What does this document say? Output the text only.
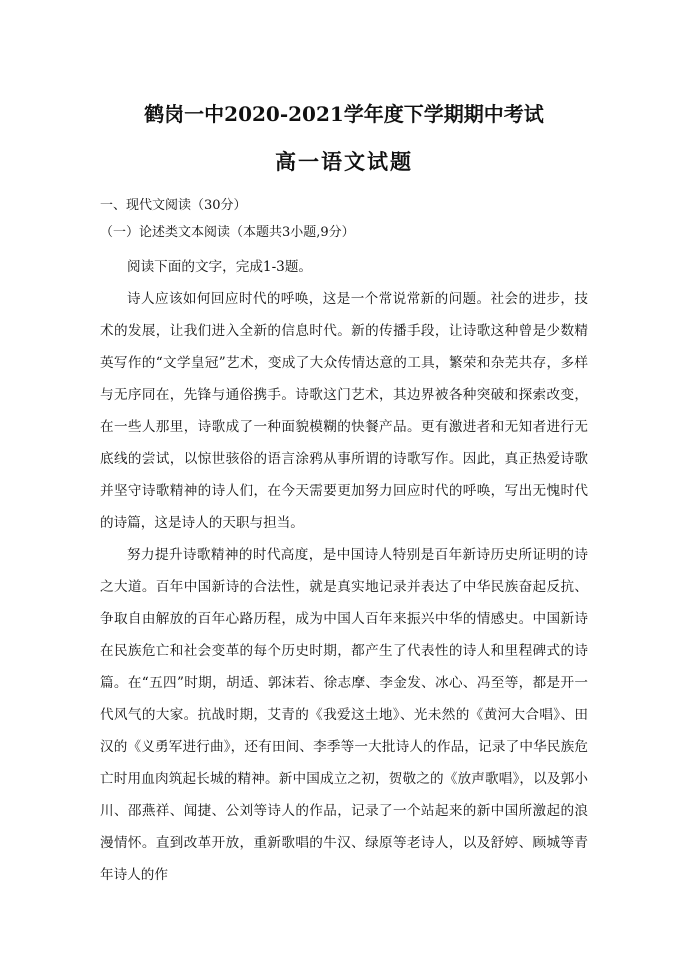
鹤岗一中2020-2021学年度下学期期中考试
高一语文试题

一、现代文阅读（30分）

（一）论述类文本阅读（本题共3小题,9分）

阅读下面的文字，完成1-3题。

诗人应该如何回应时代的呼唤，这是一个常说常新的问题。社会的进步，技术的发展，让我们进入全新的信息时代。新的传播手段，让诗歌这种曾是少数精英写作的“文学皇冠”艺术，变成了大众传情达意的工具，繁荣和杂芜共存，多样与无序同在，先锋与通俗携手。诗歌这门艺术，其边界被各种突破和探索改变，在一些人那里，诗歌成了一种面貌模糊的快餐产品。更有激进者和无知者进行无底线的尝试，以惊世骇俗的语言涂鸦从事所谓的诗歌写作。因此，真正热爱诗歌并坚守诗歌精神的诗人们，在今天需要更加努力回应时代的呼唤，写出无愧时代的诗篇，这是诗人的天职与担当。

努力提升诗歌精神的时代高度，是中国诗人特别是百年新诗历史所证明的诗之大道。百年中国新诗的合法性，就是真实地记录并表达了中华民族奋起反抗、争取自由解放的百年心路历程，成为中国人百年来振兴中华的情感史。中国新诗在民族危亡和社会变革的每个历史时期，都产生了代表性的诗人和里程碑式的诗篇。在“五四”时期，胡适、郭沫若、徐志摩、李金发、冰心、冯至等，都是开一代风气的大家。抗战时期，艾青的《我爱这土地》、光未然的《黄河大合唱》、田汉的《义勇军进行曲》，还有田间、李季等一大批诗人的作品，记录了中华民族危亡时用血肉筑起长城的精神。新中国成立之初，贺敬之的《放声歌唱》，以及郭小川、邵燕祥、闻捷、公刘等诗人的作品，记录了一个站起来的新中国所激起的浪漫情怀。直到改革开放，重新歌唱的牛汉、绿原等老诗人，以及舒婷、顾城等青年诗人的作
